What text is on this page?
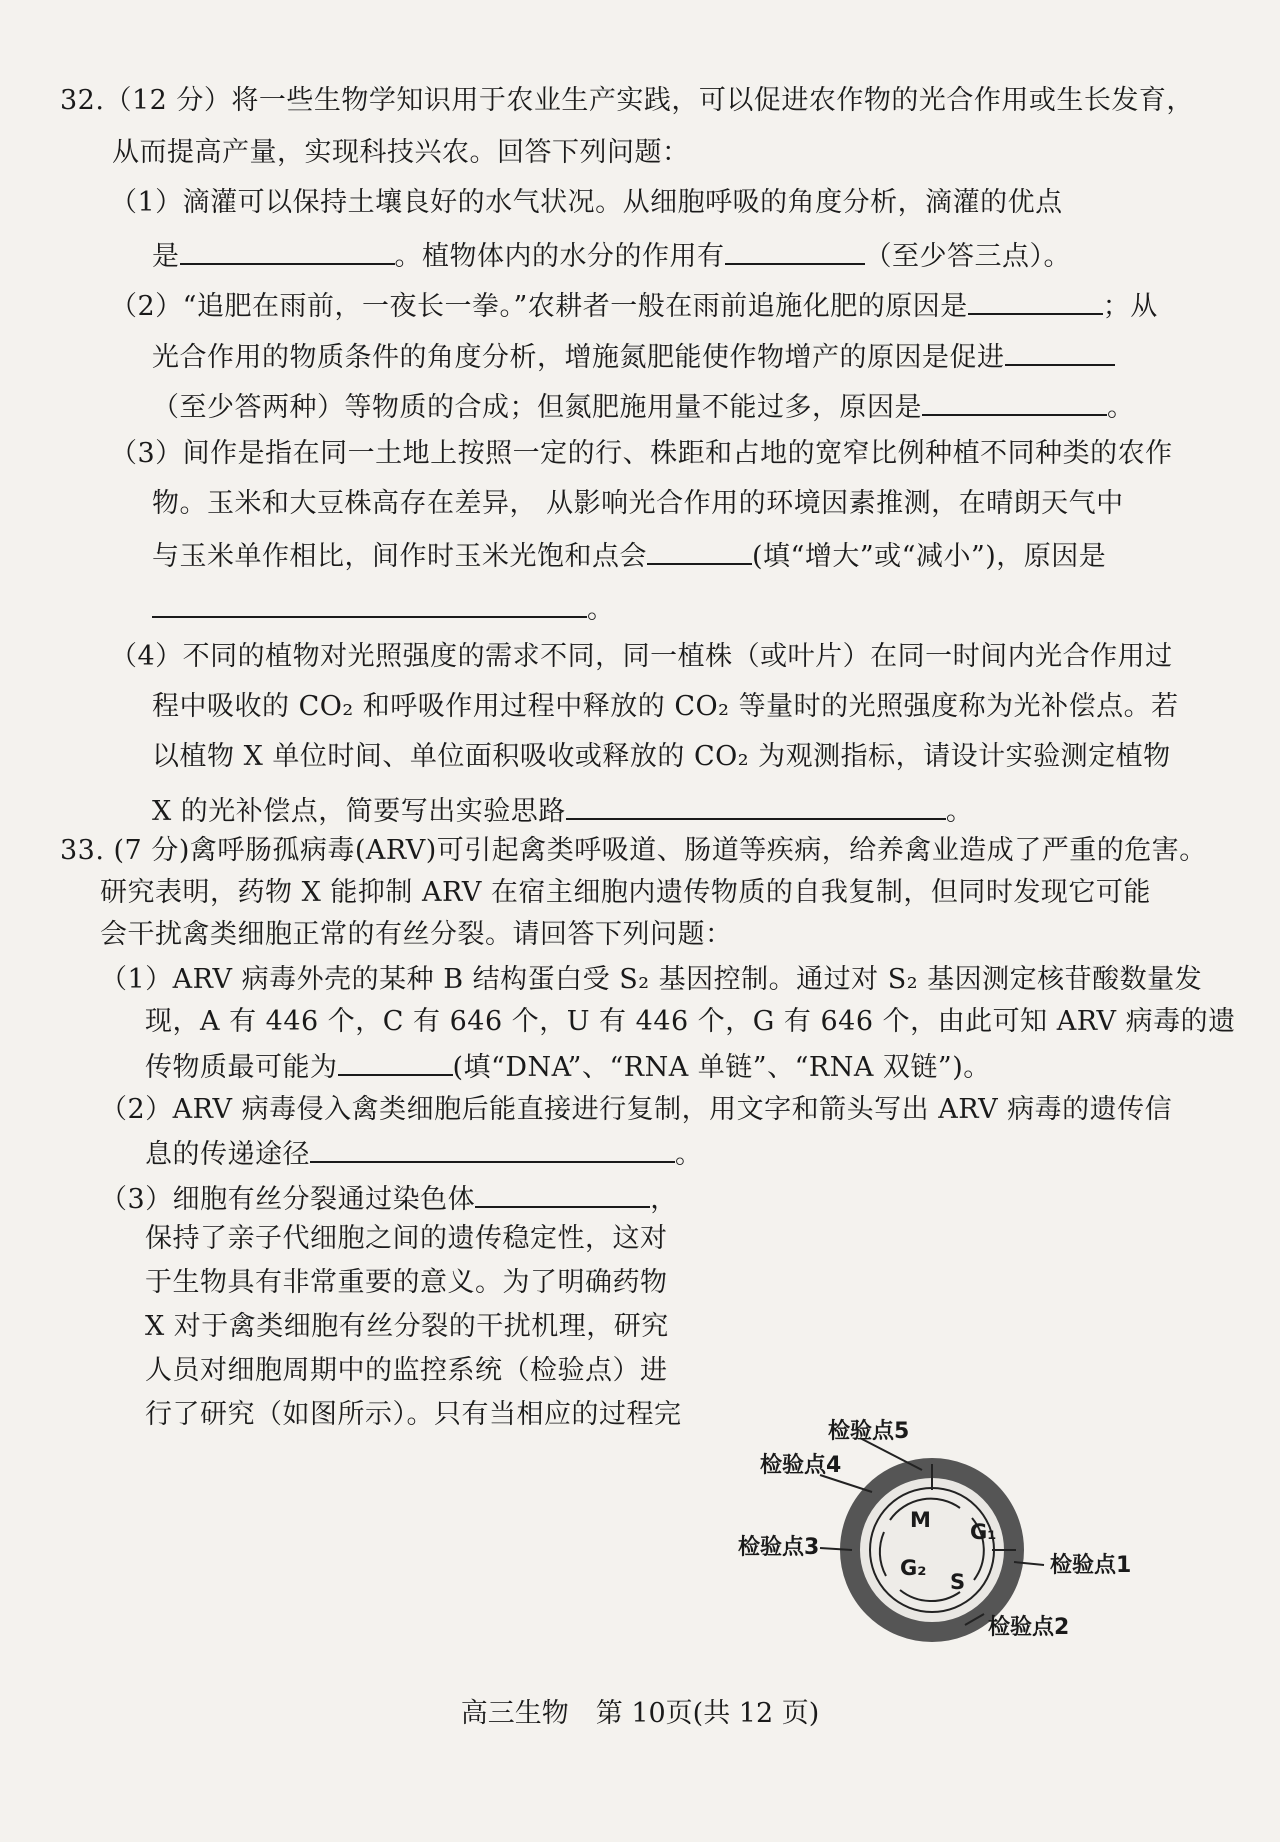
32.（12 分）将一些生物学知识用于农业生产实践，可以促进农作物的光合作用或生长发育，
从而提高产量，实现科技兴农。回答下列问题：
（1）滴灌可以保持土壤良好的水气状况。从细胞呼吸的角度分析，滴灌的优点
是	。植物体内的水分的作用有	（至少答三点）。
（2）“追肥在雨前，一夜长一拳。”农耕者一般在雨前追施化肥的原因是	；从
光合作用的物质条件的角度分析，增施氮肥能使作物增产的原因是促进
（至少答两种）等物质的合成；但氮肥施用量不能过多，原因是	。
（3）间作是指在同一土地上按照一定的行、株距和占地的宽窄比例种植不同种类的农作
物。玉米和大豆株高存在差异， 从影响光合作用的环境因素推测，在晴朗天气中
与玉米单作相比，间作时玉米光饱和点会	(填“增大”或“减小”)，原因是
。
（4）不同的植物对光照强度的需求不同，同一植株（或叶片）在同一时间内光合作用过
程中吸收的 CO₂ 和呼吸作用过程中释放的 CO₂ 等量时的光照强度称为光补偿点。若
以植物 X 单位时间、单位面积吸收或释放的 CO₂ 为观测指标，请设计实验测定植物
X 的光补偿点，简要写出实验思路	。
33. (7 分)禽呼肠孤病毒(ARV)可引起禽类呼吸道、肠道等疾病，给养禽业造成了严重的危害。
研究表明，药物 X 能抑制 ARV 在宿主细胞内遗传物质的自我复制，但同时发现它可能
会干扰禽类细胞正常的有丝分裂。请回答下列问题：
（1）ARV 病毒外壳的某种 B 结构蛋白受 S₂ 基因控制。通过对 S₂ 基因测定核苷酸数量发
现，A 有 446 个，C 有 646 个，U 有 446 个，G 有 646 个，由此可知 ARV 病毒的遗
传物质最可能为	(填“DNA”、“RNA 单链”、“RNA 双链”)。
（2）ARV 病毒侵入禽类细胞后能直接进行复制，用文字和箭头写出 ARV 病毒的遗传信
息的传递途径	。
（3）细胞有丝分裂通过染色体	，
保持了亲子代细胞之间的遗传稳定性，这对
于生物具有非常重要的意义。为了明确药物
X 对于禽类细胞有丝分裂的干扰机理，研究
人员对细胞周期中的监控系统（检验点）进
行了研究（如图所示）。只有当相应的过程完
检验点5
检验点4
检验点3
检验点1
检验点2
M G₁
S
G₂
高三生物　第 10页(共 12 页)
